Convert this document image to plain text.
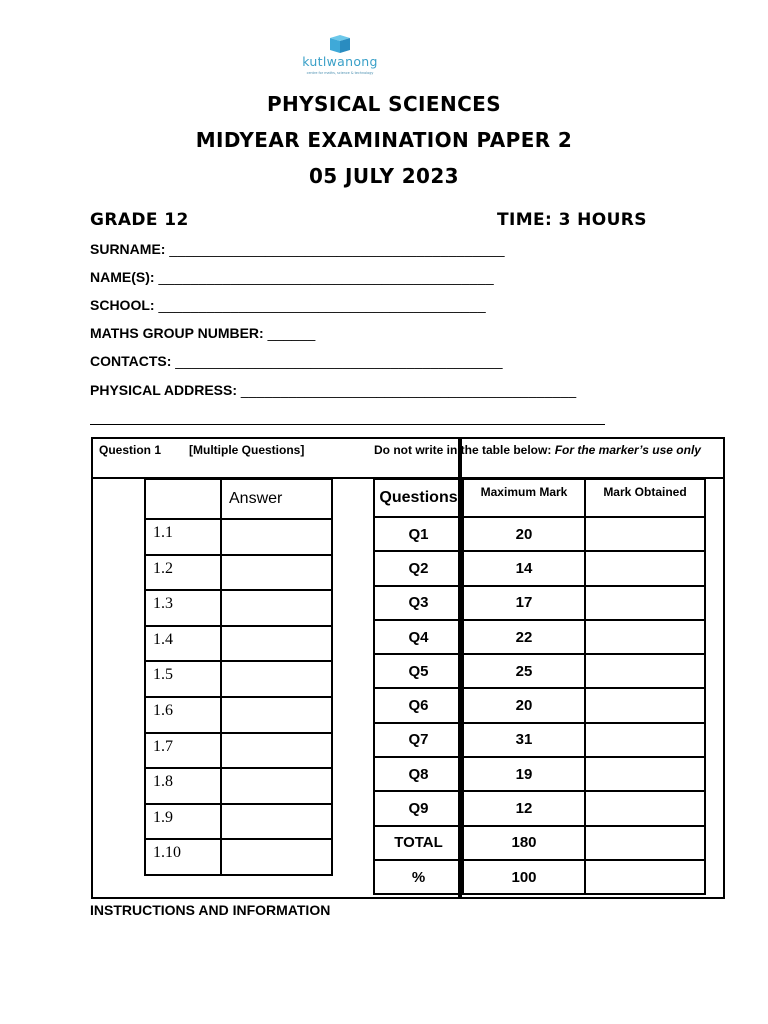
kutlwanong
centre for maths, science & technology
PHYSICAL SCIENCES
MIDYEAR EXAMINATION PAPER 2
05 JULY 2023
GRADE 12	TIME: 3 HOURS
SURNAME: __________________________________________
NAME(S): __________________________________________
SCHOOL: _________________________________________
MATHS GROUP NUMBER: ______
CONTACTS: _________________________________________
PHYSICAL ADDRESS: __________________________________________
Question 1 [Multiple Questions]	Do not write in the table below: For the marker’s use only
	Answer
1.1	
1.2	
1.3	
1.4	
1.5	
1.6	
1.7	
1.8	
1.9	
1.10	
Questions	Maximum Mark	Mark Obtained
Q1	20	
Q2	14	
Q3	17	
Q4	22	
Q5	25	
Q6	20	
Q7	31	
Q8	19	
Q9	12	
TOTAL	180	
%	100	
INSTRUCTIONS AND INFORMATION
